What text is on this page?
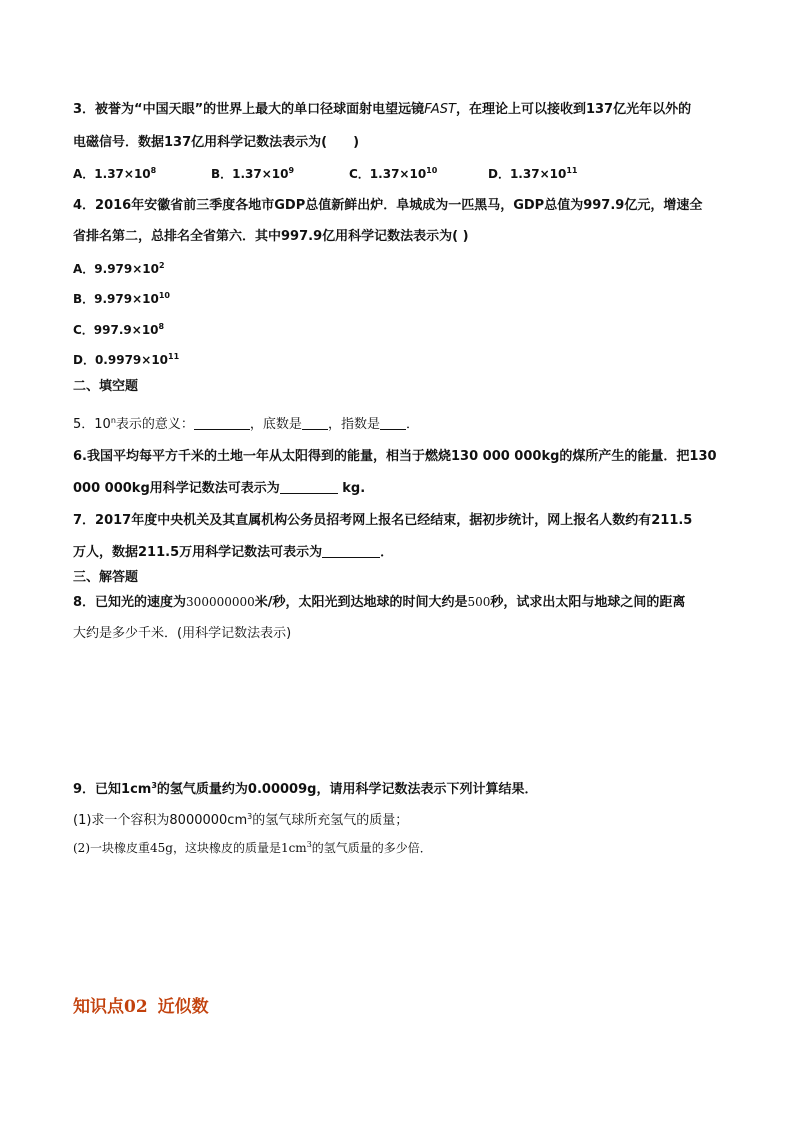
3．被誉为“中国天眼”的世界上最大的单口径球面射电望远镜FAST，在理论上可以接收到137亿光年以外的
电磁信号．数据137亿用科学记数法表示为(　　)
A．$1.37\times 10^8$	B．$1.37\times 10^9$	C．$1.37\times 10^{10}$	D．$1.37\times 10^{11}$
4．2016年安徽省前三季度各地市GDP总值新鲜出炉．阜城成为一匹黑马，GDP总值为997.9亿元，增速全
省排名第二，总排名全省第六．其中997.9亿用科学记数法表示为( )
A．$9.979\times 10^2$
B．$9.979\times 10^{10}$
C．$997.9\times 10^8$
D．$0.9979\times 10^{11}$
二、填空题
5．10$^n$表示的意义：	，底数是 ，指数是 ．
6.我国平均每平方千米的土地一年从太阳得到的能量，相当于燃烧130 000 000kg的煤所产生的能量．把130
000 000kg用科学记数法可表示为	kg.
7．2017年度中央机关及其直属机构公务员招考网上报名已经结束，据初步统计，网上报名人数约有211.5
万人，数据211.5万用科学记数法可表示为	．
三、解答题
8．已知光的速度为300000000米/秒，太阳光到达地球的时间大约是500秒，试求出太阳与地球之间的距离
大约是多少千米．(用科学记数法表示)
9．已知$1cm^3$的氢气质量约为0.00009g，请用科学记数法表示下列计算结果．
(1)求一个容积为$8000000cm^3$的氢气球所充氢气的质量；
(2)一块橡皮重45g，这块橡皮的质量是$1cm^3$的氢气质量的多少倍．
知识点02 近似数
